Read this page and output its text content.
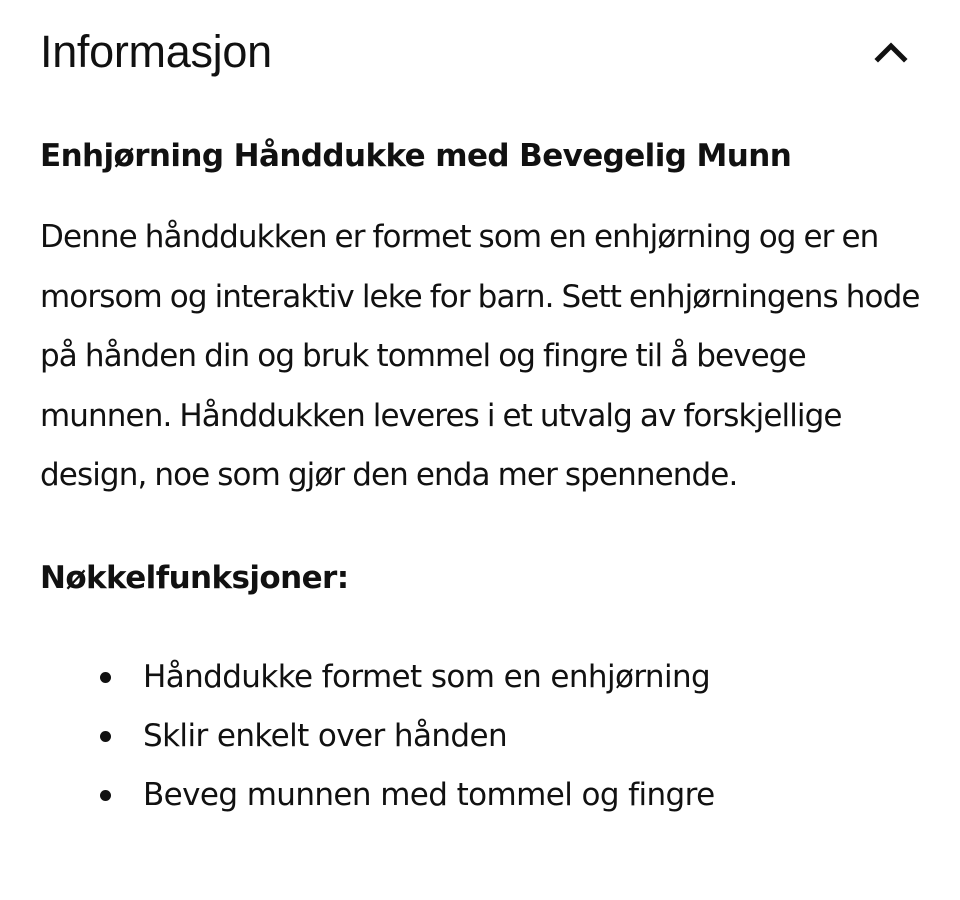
Informasjon
Enhjørning Hånddukke med Bevegelig Munn

Denne hånddukken er formet som en enhjørning og er en morsom og interaktiv leke for barn. Sett enhjørningens hode på hånden din og bruk tommel og fingre til å bevege munnen. Hånddukken leveres i et utvalg av forskjellige design, noe som gjør den enda mer spennende.

Nøkkelfunksjoner:
Hånddukke formet som en enhjørning
Sklir enkelt over hånden
Beveg munnen med tommel og fingre
